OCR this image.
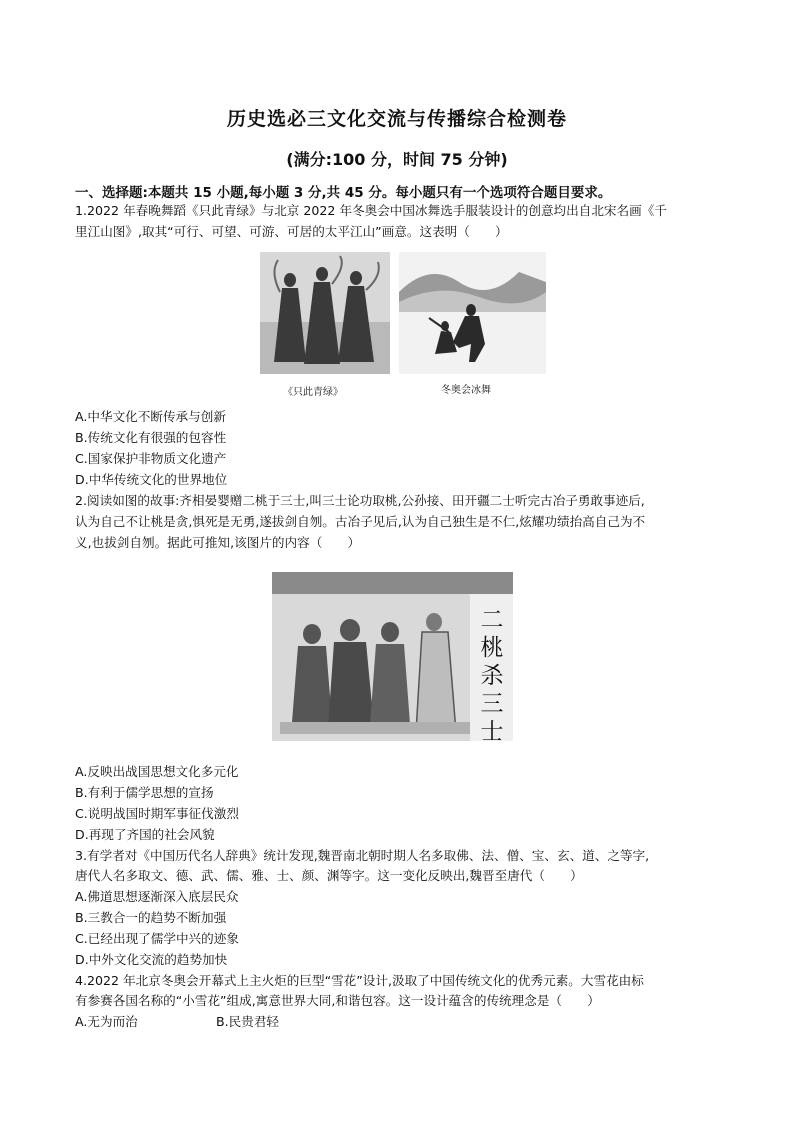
历史选必三文化交流与传播综合检测卷
(满分:100 分，时间 75 分钟)
一、选择题:本题共 15 小题,每小题 3 分,共 45 分。每小题只有一个选项符合题目要求。
1.2022 年春晚舞蹈《只此青绿》与北京 2022 年冬奥会中国冰舞选手服装设计的创意均出自北宋名画《千
里江山图》,取其“可行、可望、可游、可居的太平江山”画意。这表明（　　）
《只此青绿》	冬奥会冰舞
A.中华文化不断传承与创新
B.传统文化有很强的包容性
C.国家保护非物质文化遗产
D.中华传统文化的世界地位
2.阅读如图的故事:齐相晏婴赠二桃于三士,叫三士论功取桃,公孙接、田开疆二士听完古冶子勇敢事迹后,
认为自己不让桃是贪,惧死是无勇,遂拔剑自刎。古冶子见后,认为自己独生是不仁,炫耀功绩抬高自己为不
义,也拔剑自刎。据此可推知,该图片的内容（　　）
二
桃
杀
三
士
A.反映出战国思想文化多元化
B.有利于儒学思想的宣扬
C.说明战国时期军事征伐激烈
D.再现了齐国的社会风貌
3.有学者对《中国历代名人辞典》统计发现,魏晋南北朝时期人名多取佛、法、僧、宝、玄、道、之等字,
唐代人名多取文、德、武、儒、雅、士、颜、渊等字。这一变化反映出,魏晋至唐代（　　）
A.佛道思想逐渐深入底层民众
B.三教合一的趋势不断加强
C.已经出现了儒学中兴的迹象
D.中外文化交流的趋势加快
4.2022 年北京冬奥会开幕式上主火炬的巨型“雪花”设计,汲取了中国传统文化的优秀元素。大雪花由标
有参赛各国名称的“小雪花”组成,寓意世界大同,和谐包容。这一设计蕴含的传统理念是（　　）
A.无为而治	B.民贵君轻
